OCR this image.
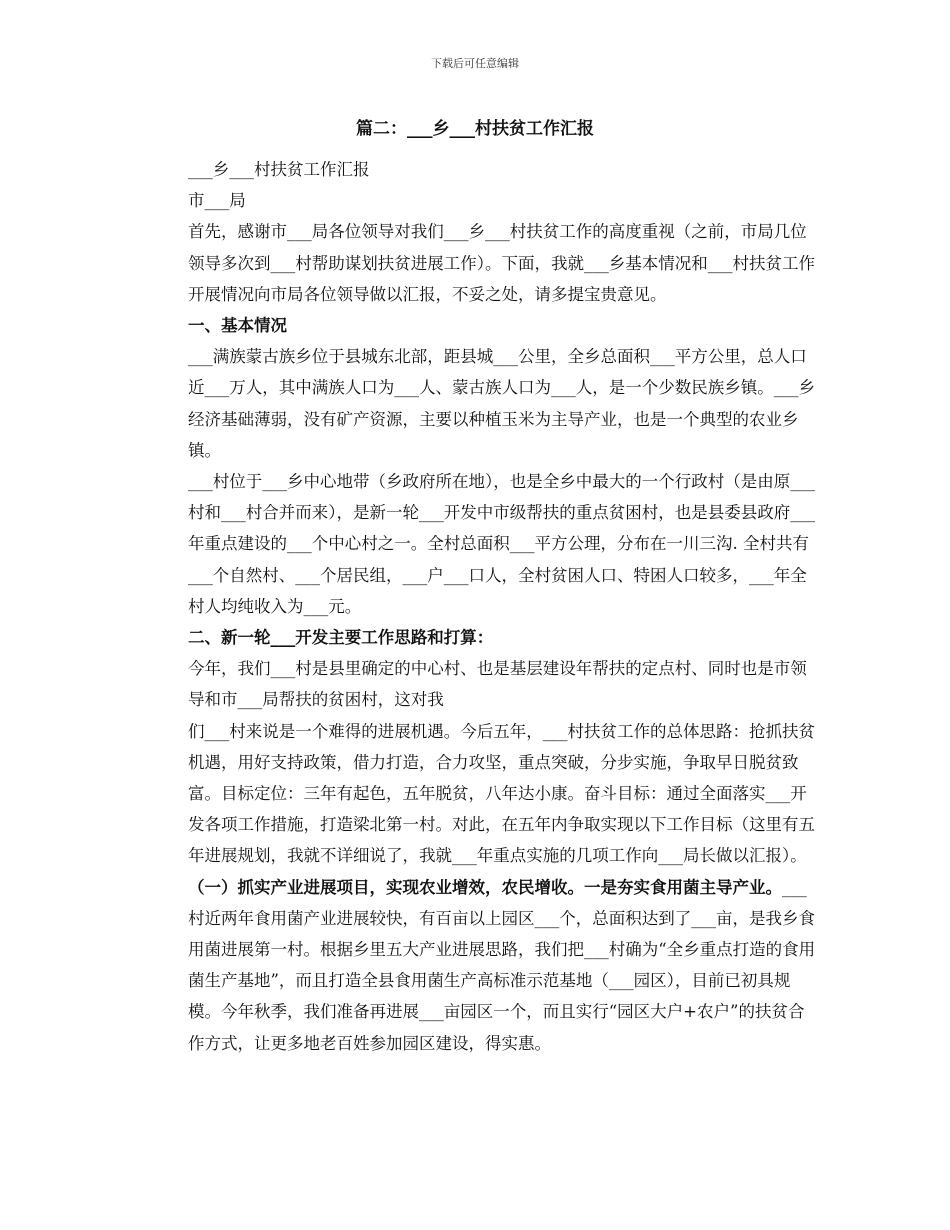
下载后可任意编辑
篇二：___乡___村扶贫工作汇报

___乡___村扶贫工作汇报

市___局

首先，感谢市___局各位领导对我们___乡___村扶贫工作的高度重视（之前，市局几位领导多次到___村帮助谋划扶贫进展工作）。下面，我就___乡基本情况和___村扶贫工作开展情况向市局各位领导做以汇报，不妥之处，请多提宝贵意见。

一、基本情况

___满族蒙古族乡位于县城东北部，距县城___公里，全乡总面积___平方公里，总人口近___万人，其中满族人口为___人、蒙古族人口为___人，是一个少数民族乡镇。___乡经济基础薄弱，没有矿产资源，主要以种植玉米为主导产业，也是一个典型的农业乡镇。

___村位于___乡中心地带（乡政府所在地），也是全乡中最大的一个行政村（是由原___村和___村合并而来），是新一轮___开发中市级帮扶的重点贫困村，也是县委县政府___年重点建设的___个中心村之一。全村总面积___平方公理，分布在一川三沟. 全村共有___个自然村、___个居民组，___户___口人，全村贫困人口、特困人口较多，___年全村人均纯收入为___元。

二、新一轮___开发主要工作思路和打算：

今年，我们___村是县里确定的中心村、也是基层建设年帮扶的定点村、同时也是市领导和市___局帮扶的贫困村，这对我

们___村来说是一个难得的进展机遇。今后五年，___村扶贫工作的总体思路：抢抓扶贫机遇，用好支持政策，借力打造，合力攻坚，重点突破，分步实施，争取早日脱贫致富。目标定位：三年有起色，五年脱贫，八年达小康。奋斗目标：通过全面落实___开发各项工作措施，打造梁北第一村。对此，在五年内争取实现以下工作目标（这里有五年进展规划，我就不详细说了，我就___年重点实施的几项工作向___局长做以汇报）。

（一）抓实产业进展项目，实现农业增效，农民增收。一是夯实食用菌主导产业。___村近两年食用菌产业进展较快，有百亩以上园区___个，总面积达到了___亩，是我乡食用菌进展第一村。根据乡里五大产业进展思路，我们把___村确为“全乡重点打造的食用菌生产基地”，而且打造全县食用菌生产高标准示范基地（___园区），目前已初具规模。今年秋季，我们准备再进展___亩园区一个，而且实行“园区大户+农户”的扶贫合作方式，让更多地老百姓参加园区建设，得实惠。
